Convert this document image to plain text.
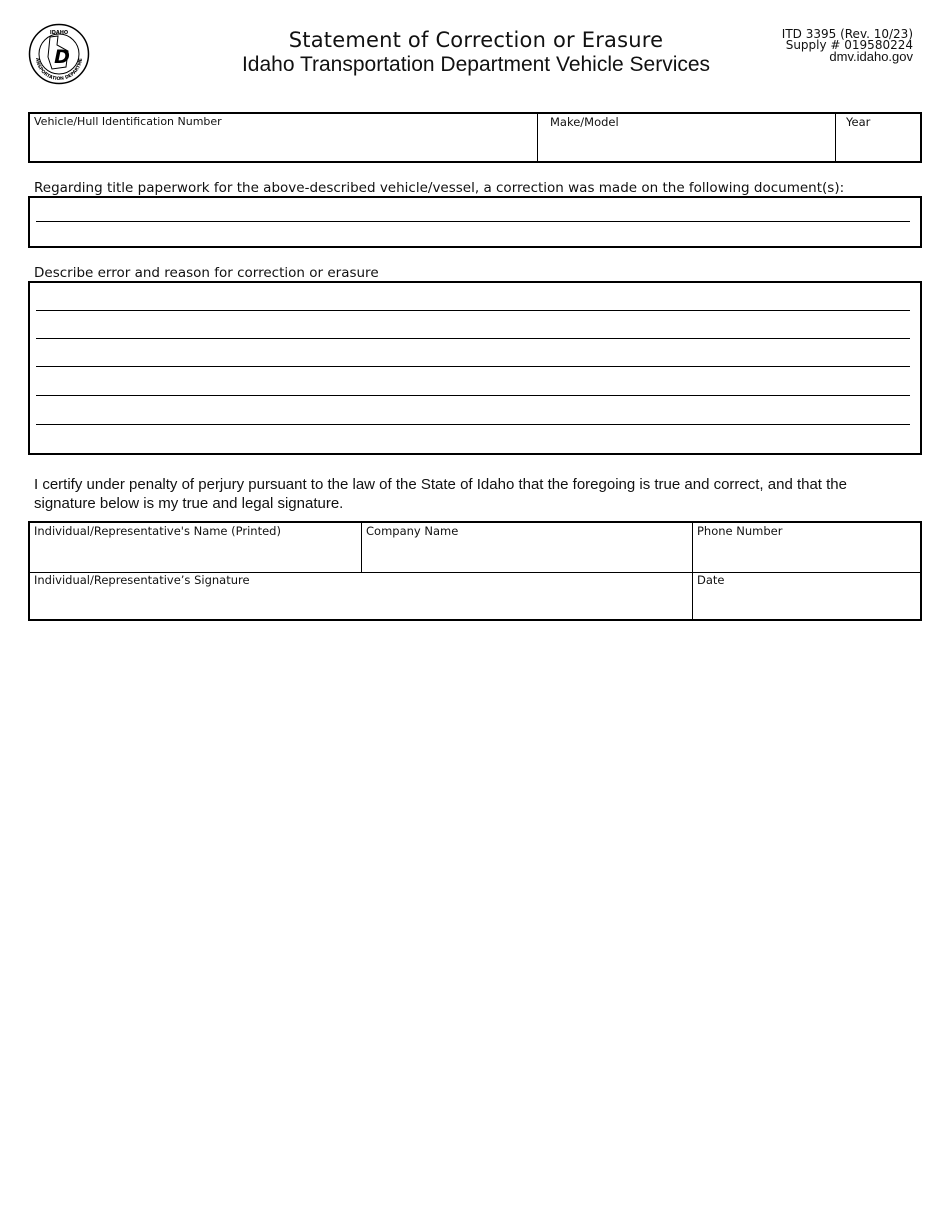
IDAHO
D
ANSPORTATION DEPARTME
Statement of Correction or Erasure
Idaho Transportation Department Vehicle Services
ITD 3395 (Rev. 10/23)
Supply # 019580224
dmv.idaho.gov
Vehicle/Hull Identification Number	Make/Model	Year
Regarding title paperwork for the above-described vehicle/vessel, a correction was made on the following document(s):
Describe error and reason for correction or erasure
I certify under penalty of perjury pursuant to the law of the State of Idaho that the foregoing is true and correct, and that the signature below is my true and legal signature.
Individual/Representative's Name (Printed)	Company Name	Phone Number
Individual/Representative’s Signature	Date
